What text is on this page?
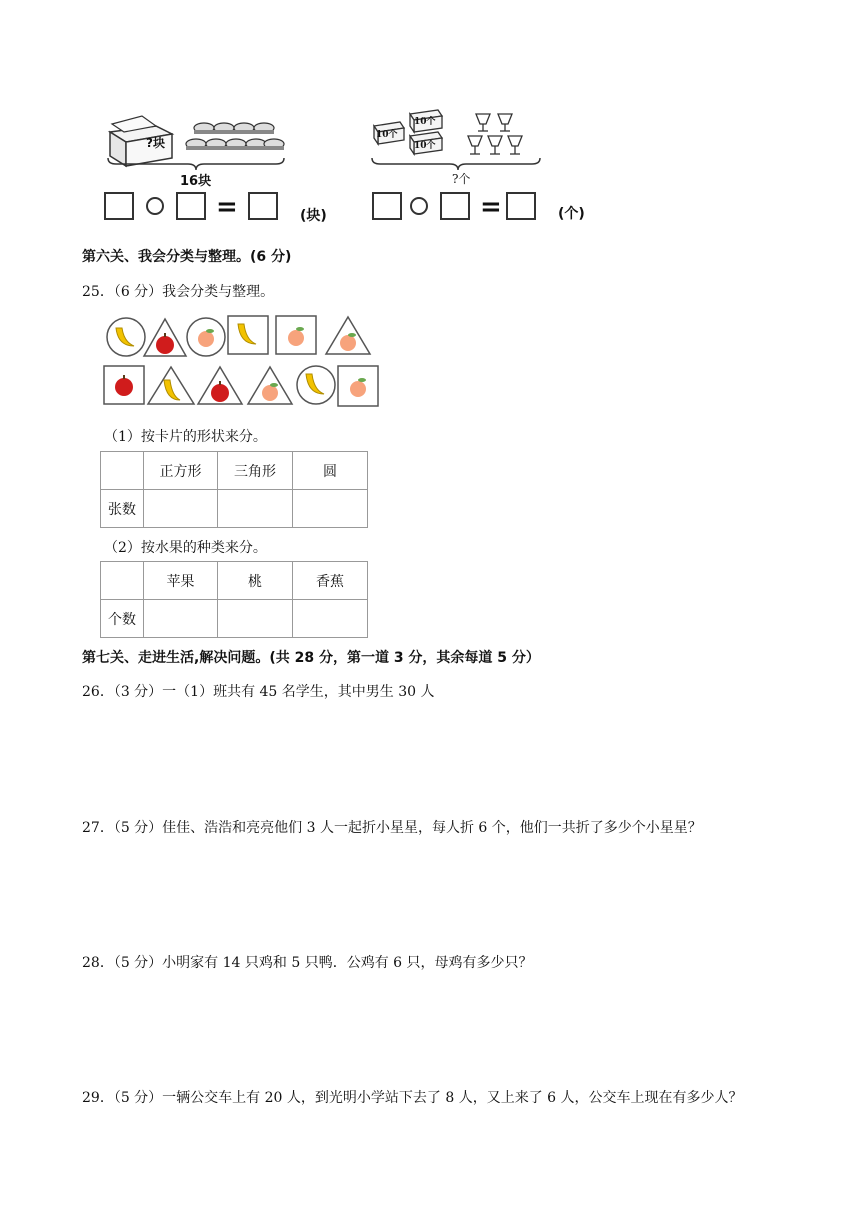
?块
16块
=	(块)
10个
10个
10个
?个
=	(个)
第六关、我会分类与整理。(6 分)
25．（6 分）我会分类与整理。
（1）按卡片的形状来分。
	正方形	三角形	圆
张数			
（2）按水果的种类来分。
	苹果	桃	香蕉
个数			
第七关、走进生活,解决问题。(共 28 分，第一道 3 分，其余每道 5 分）
26．（3 分）一（1）班共有 45 名学生，其中男生 30 人
27．（5 分）佳佳、浩浩和亮亮他们 3 人一起折小星星，每人折 6 个，他们一共折了多少个小星星？
28．（5 分）小明家有 14 只鸡和 5 只鸭．公鸡有 6 只，母鸡有多少只？
29．（5 分）一辆公交车上有 20 人，到光明小学站下去了 8 人，又上来了 6 人，公交车上现在有多少人？
